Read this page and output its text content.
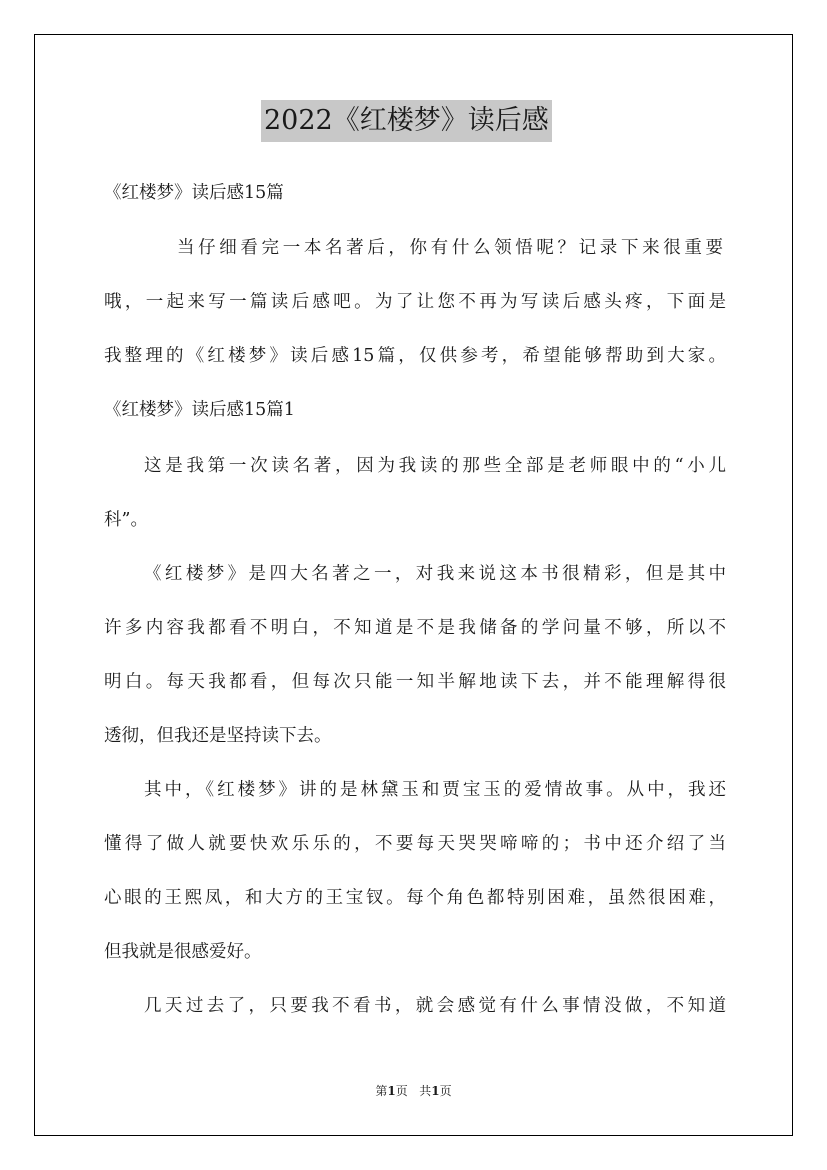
2022《红楼梦》读后感
《红楼梦》读后感15篇
当仔细看完一本名著后，你有什么领悟呢？记录下来很重要
哦，一起来写一篇读后感吧。为了让您不再为写读后感头疼，下面是
我整理的《红楼梦》读后感15篇，仅供参考，希望能够帮助到大家。
《红楼梦》读后感15篇1
这是我第一次读名著，因为我读的那些全部是老师眼中的“小儿
科”。
《红楼梦》是四大名著之一，对我来说这本书很精彩，但是其中
许多内容我都看不明白，不知道是不是我储备的学问量不够，所以不
明白。每天我都看，但每次只能一知半解地读下去，并不能理解得很
透彻，但我还是坚持读下去。
其中，《红楼梦》讲的是林黛玉和贾宝玉的爱情故事。从中，我还
懂得了做人就要快欢乐乐的，不要每天哭哭啼啼的；书中还介绍了当
心眼的王熙凤，和大方的王宝钗。每个角色都特别困难，虽然很困难，
但我就是很感爱好。
几天过去了，只要我不看书，就会感觉有什么事情没做，不知道
第1页 共1页
